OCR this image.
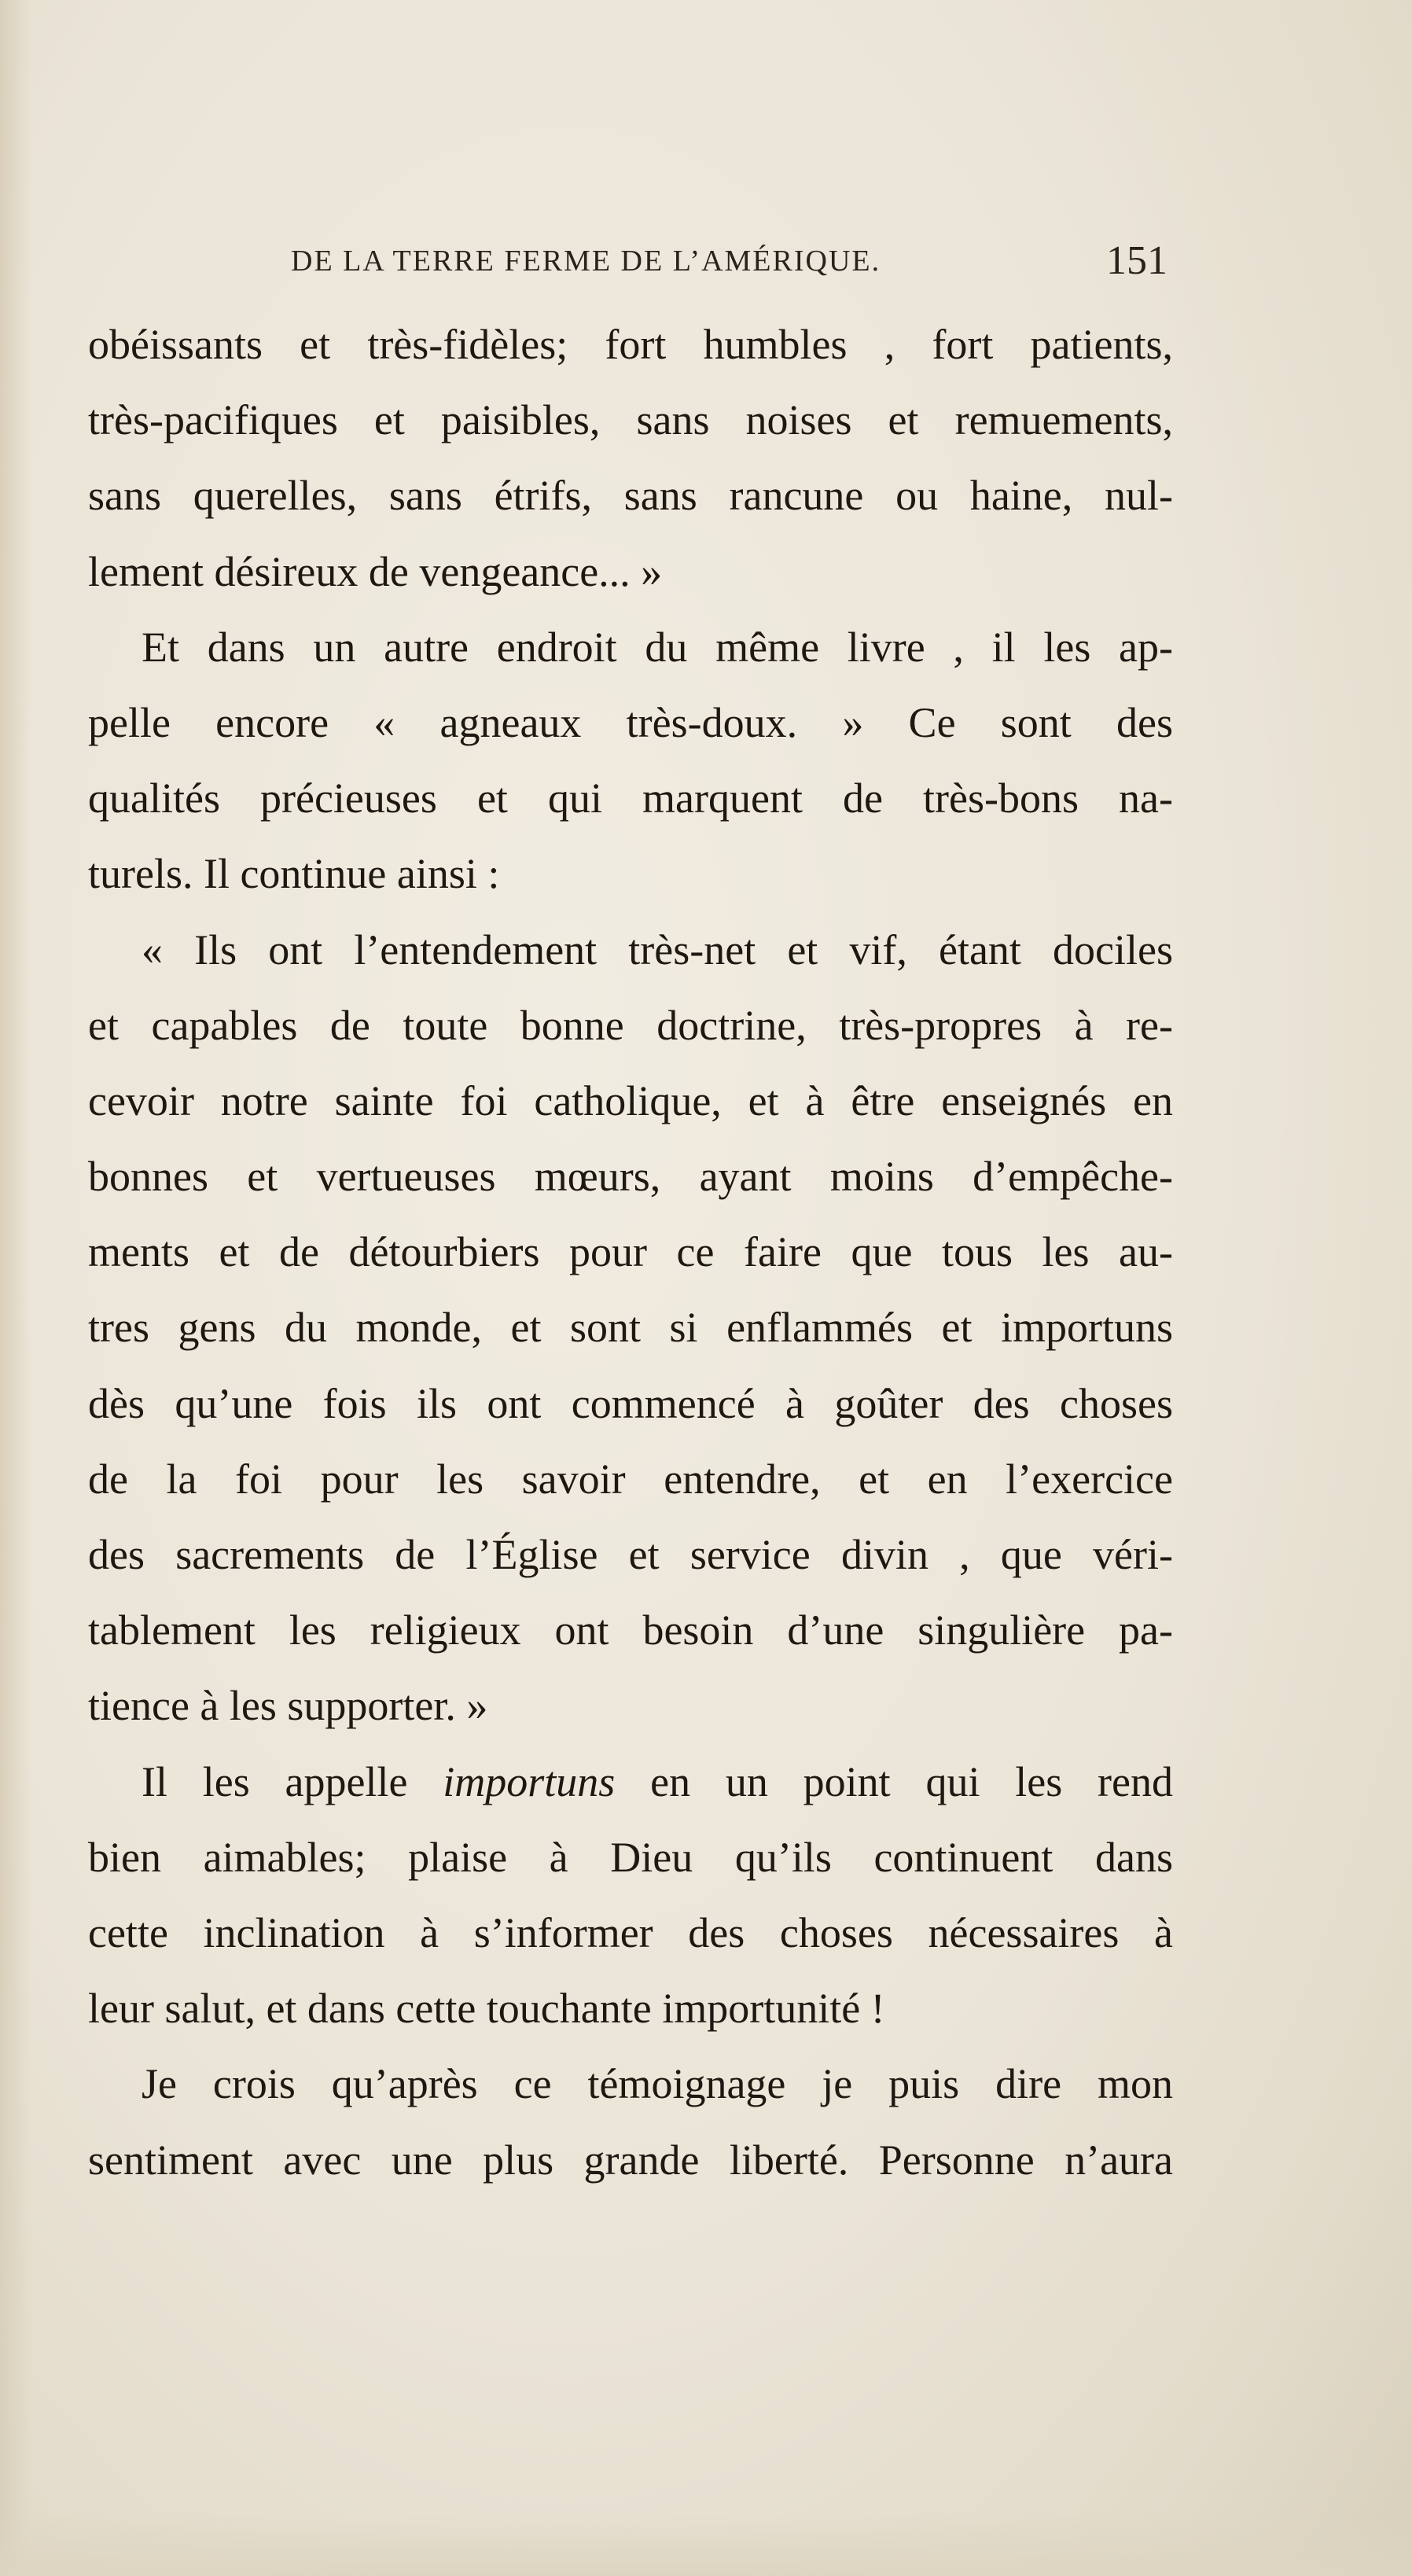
DE LA TERRE FERME DE L’AMÉRIQUE.	151
obéissants et très-fidèles; fort humbles , fort patients,
très-pacifiques et paisibles, sans noises et remuements,
sans querelles, sans étrifs, sans rancune ou haine, nul-
lement désireux de vengeance... »
Et dans un autre endroit du même livre , il les ap-
pelle encore « agneaux très-doux. » Ce sont des
qualités précieuses et qui marquent de très-bons na-
turels. Il continue ainsi :
« Ils ont l’entendement très-net et vif, étant dociles
et capables de toute bonne doctrine, très-propres à re-
cevoir notre sainte foi catholique, et à être enseignés en
bonnes et vertueuses mœurs, ayant moins d’empêche-
ments et de détourbiers pour ce faire que tous les au-
tres gens du monde, et sont si enflammés et importuns
dès qu’une fois ils ont commencé à goûter des choses
de la foi pour les savoir entendre, et en l’exercice
des sacrements de l’Église et service divin , que véri-
tablement les religieux ont besoin d’une singulière pa-
tience à les supporter. »
Il les appelle importuns en un point qui les rend
bien aimables; plaise à Dieu qu’ils continuent dans
cette inclination à s’informer des choses nécessaires à
leur salut, et dans cette touchante importunité !
Je crois qu’après ce témoignage je puis dire mon
sentiment avec une plus grande liberté. Personne n’aura
